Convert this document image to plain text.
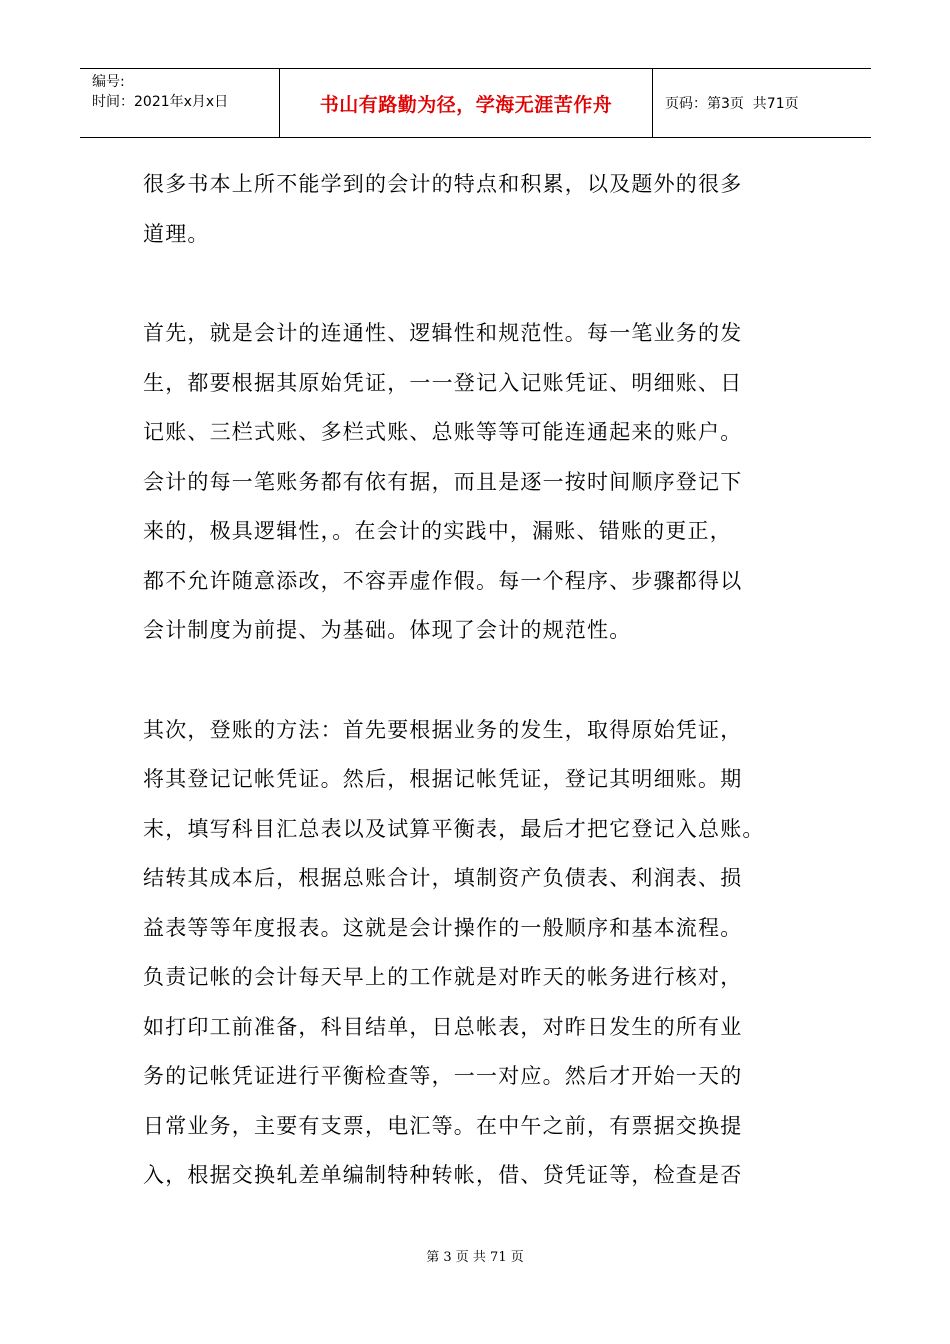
编号:
时间：2021年x月x日	书山有路勤为径，学海无涯苦作舟	页码：第3页  共71页
很多书本上所不能学到的会计的特点和积累，以及题外的很多
道理。
首先，就是会计的连通性、逻辑性和规范性。每一笔业务的发
生，都要根据其原始凭证，一一登记入记账凭证、明细账、日
记账、三栏式账、多栏式账、总账等等可能连通起来的账户。
会计的每一笔账务都有依有据，而且是逐一按时间顺序登记下
来的，极具逻辑性，。在会计的实践中，漏账、错账的更正，
都不允许随意添改，不容弄虚作假。每一个程序、步骤都得以
会计制度为前提、为基础。体现了会计的规范性。
其次，登账的方法：首先要根据业务的发生，取得原始凭证，
将其登记记帐凭证。然后，根据记帐凭证，登记其明细账。期
末，填写科目汇总表以及试算平衡表，最后才把它登记入总账。
结转其成本后，根据总账合计，填制资产负债表、利润表、损
益表等等年度报表。这就是会计操作的一般顺序和基本流程。
负责记帐的会计每天早上的工作就是对昨天的帐务进行核对，
如打印工前准备，科目结单，日总帐表，对昨日发生的所有业
务的记帐凭证进行平衡检查等，一一对应。然后才开始一天的
日常业务，主要有支票，电汇等。在中午之前，有票据交换提
入，根据交换轧差单编制特种转帐，借、贷凭证等，检查是否
第 3 页 共 71 页
